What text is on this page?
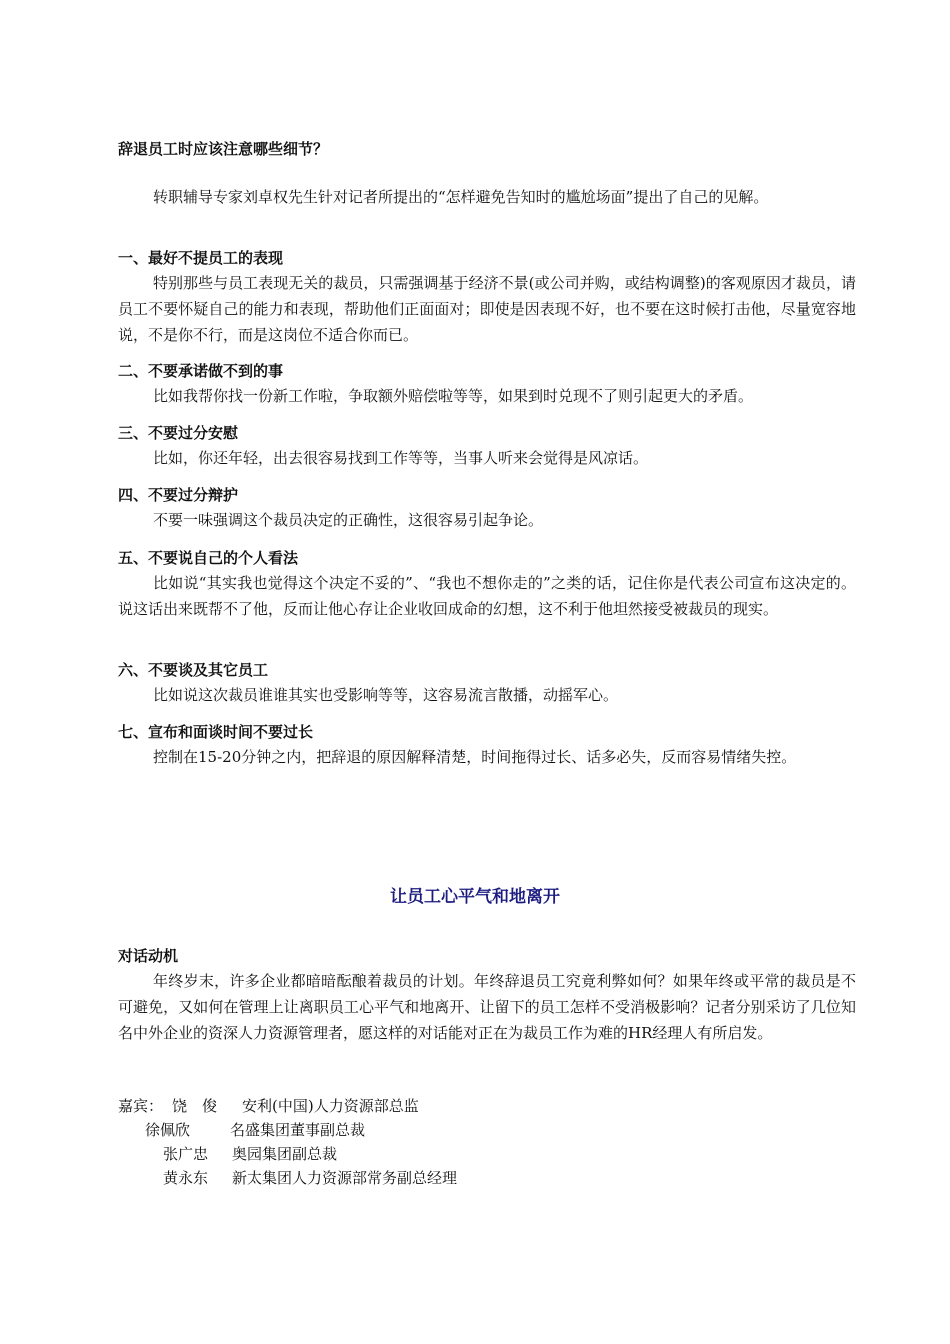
辞退员工时应该注意哪些细节？

转职辅导专家刘卓权先生针对记者所提出的“怎样避免告知时的尴尬场面”提出了自己的见解。

一、最好不提员工的表现

特别那些与员工表现无关的裁员，只需强调基于经济不景(或公司并购，或结构调整)的客观原因才裁员，请员工不要怀疑自己的能力和表现，帮助他们正面面对；即使是因表现不好，也不要在这时候打击他，尽量宽容地说，不是你不行，而是这岗位不适合你而已。

二、不要承诺做不到的事

比如我帮你找一份新工作啦，争取额外赔偿啦等等，如果到时兑现不了则引起更大的矛盾。

三、不要过分安慰

比如，你还年轻，出去很容易找到工作等等，当事人听来会觉得是风凉话。

四、不要过分辩护

不要一味强调这个裁员决定的正确性，这很容易引起争论。

五、不要说自己的个人看法

比如说“其实我也觉得这个决定不妥的”、“我也不想你走的”之类的话，记住你是代表公司宣布这决定的。说这话出来既帮不了他，反而让他心存让企业收回成命的幻想，这不利于他坦然接受被裁员的现实。

六、不要谈及其它员工

比如说这次裁员谁谁其实也受影响等等，这容易流言散播，动摇军心。

七、宣布和面谈时间不要过长

控制在15-20分钟之内，把辞退的原因解释清楚，时间拖得过长、话多必失，反而容易情绪失控。

让员工心平气和地离开

对话动机

年终岁末，许多企业都暗暗酝酿着裁员的计划。年终辞退员工究竟利弊如何？如果年终或平常的裁员是不可避免，又如何在管理上让离职员工心平气和地离开、让留下的员工怎样不受消极影响？记者分别采访了几位知名中外企业的资深人力资源管理者，愿这样的对话能对正在为裁员工作为难的HR经理人有所启发。

嘉宾： 饶　俊 安利(中国)人力资源部总监

徐佩欣	名盛集团董事副总裁

张广忠 奥园集团副总裁

黄永东 新太集团人力资源部常务副总经理
